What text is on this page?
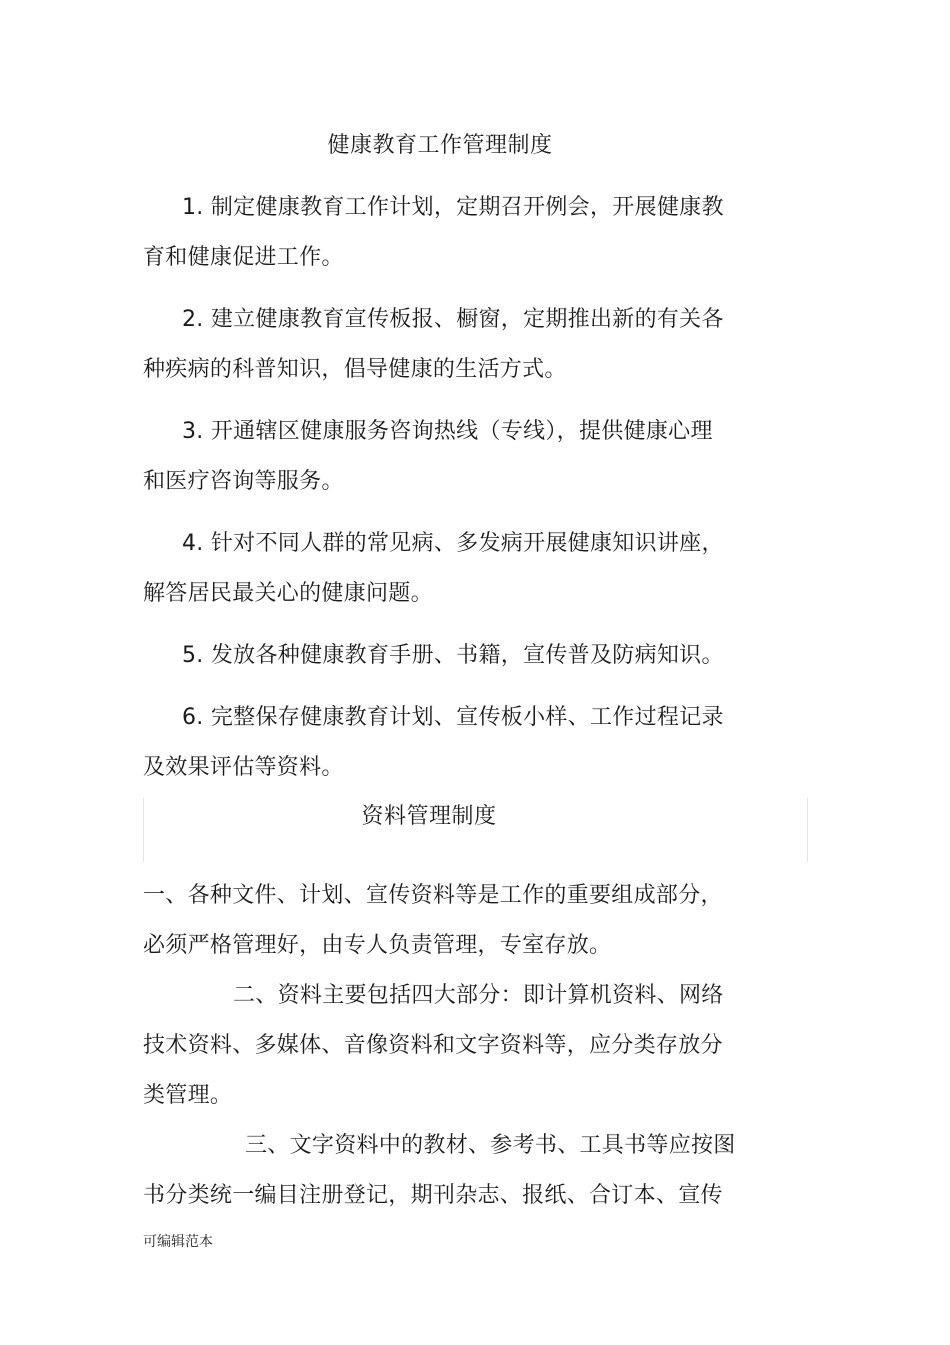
健康教育工作管理制度
1. 制定健康教育工作计划，定期召开例会，开展健康教
育和健康促进工作。
2. 建立健康教育宣传板报、橱窗，定期推出新的有关各
种疾病的科普知识，倡导健康的生活方式。
3. 开通辖区健康服务咨询热线（专线），提供健康心理
和医疗咨询等服务。
4. 针对不同人群的常见病、多发病开展健康知识讲座，
解答居民最关心的健康问题。
5. 发放各种健康教育手册、书籍，宣传普及防病知识。
6. 完整保存健康教育计划、宣传板小样、工作过程记录
及效果评估等资料。
资料管理制度
一、各种文件、计划、宣传资料等是工作的重要组成部分，
必须严格管理好，由专人负责管理，专室存放。
二、资料主要包括四大部分：即计算机资料、网络
技术资料、多媒体、音像资料和文字资料等，应分类存放分
类管理。
三、文字资料中的教材、参考书、工具书等应按图
书分类统一编目注册登记，期刊杂志、报纸、合订本、宣传
可编辑范本
